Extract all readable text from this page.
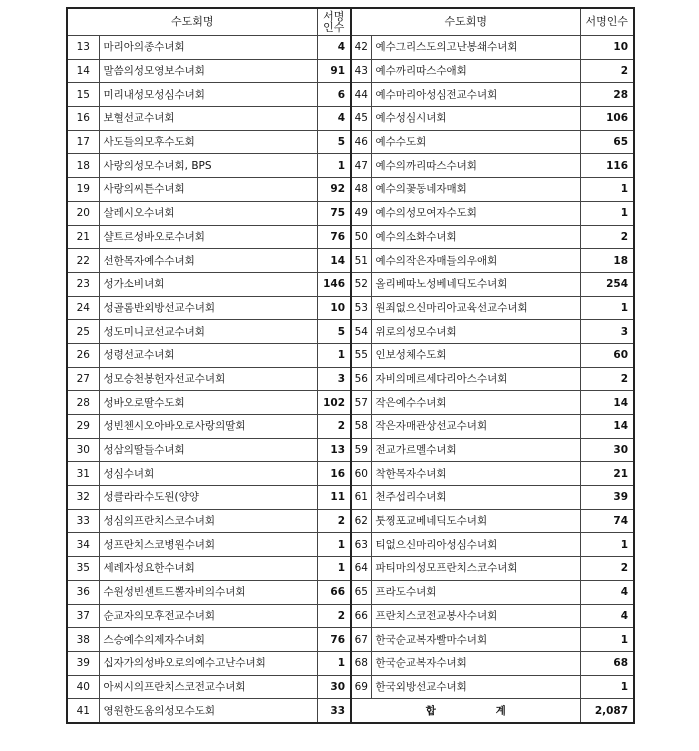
수도회명		서명
인수	수도회명		서명인수
13	마리아의종수녀회	4	42	예수그리스도의고난봉쇄수녀회	10
14	말씀의성모영보수녀회	91	43	예수까리따스수애회	2
15	미리내성모성심수녀회	6	44	예수마리아성심전교수녀회	28
16	보혈선교수녀회	4	45	예수성심시녀회	106
17	사도들의모후수도회	5	46	예수수도회	65
18	사랑의성모수녀회, BPS	1	47	예수의까리따스수녀회	116
19	사랑의씨튼수녀회	92	48	예수의꽃동네자매회	1
20	살레시오수녀회	75	49	예수의성모여자수도회	1
21	샬트르성바오로수녀회	76	50	예수의소화수녀회	2
22	선한목자예수수녀회	14	51	예수의작은자매들의우애회	18
23	성가소비녀회	146	52	올리베따노성베네딕도수녀회	254
24	성골롬반외방선교수녀회	10	53	원죄없으신마리아교육선교수녀회	1
25	성도미니코선교수녀회	5	54	위로의성모수녀회	3
26	성령선교수녀회	1	55	인보성체수도회	60
27	성모승천봉헌자선교수녀회	3	56	자비의메르세다리아스수녀회	2
28	성바오로딸수도회	102	57	작은예수수녀회	14
29	성빈첸시오아바오로사랑의딸회	2	58	작은자매관상선교수녀회	14
30	성삼의딸들수녀회	13	59	전교가르멜수녀회	30
31	성심수녀회	16	60	착한목자수녀회	21
32	성클라라수도원(양양	11	61	천주섭리수녀회	39
33	성심의프란치스코수녀회	2	62	툿찡포교베네딕도수녀회	74
34	성프란치스코병원수녀회	1	63	티없으신마리아성심수녀회	1
35	세례자성요한수녀회	1	64	파티마의성모프란치스코수녀회	2
36	수원성빈센트드뽈자비의수녀회	66	65	프라도수녀회	4
37	순교자의모후전교수녀회	2	66	프란치스코전교봉사수녀회	4
38	스승예수의제자수녀회	76	67	한국순교복자빨마수녀회	1
39	십자가의성바오로의예수고난수녀회	1	68	한국순교복자수녀회	68
40	아씨시의프란치스코전교수녀회	30	69	한국외방선교수녀회	1
41	영원한도움의성모수도회	33	합 계		2,087
